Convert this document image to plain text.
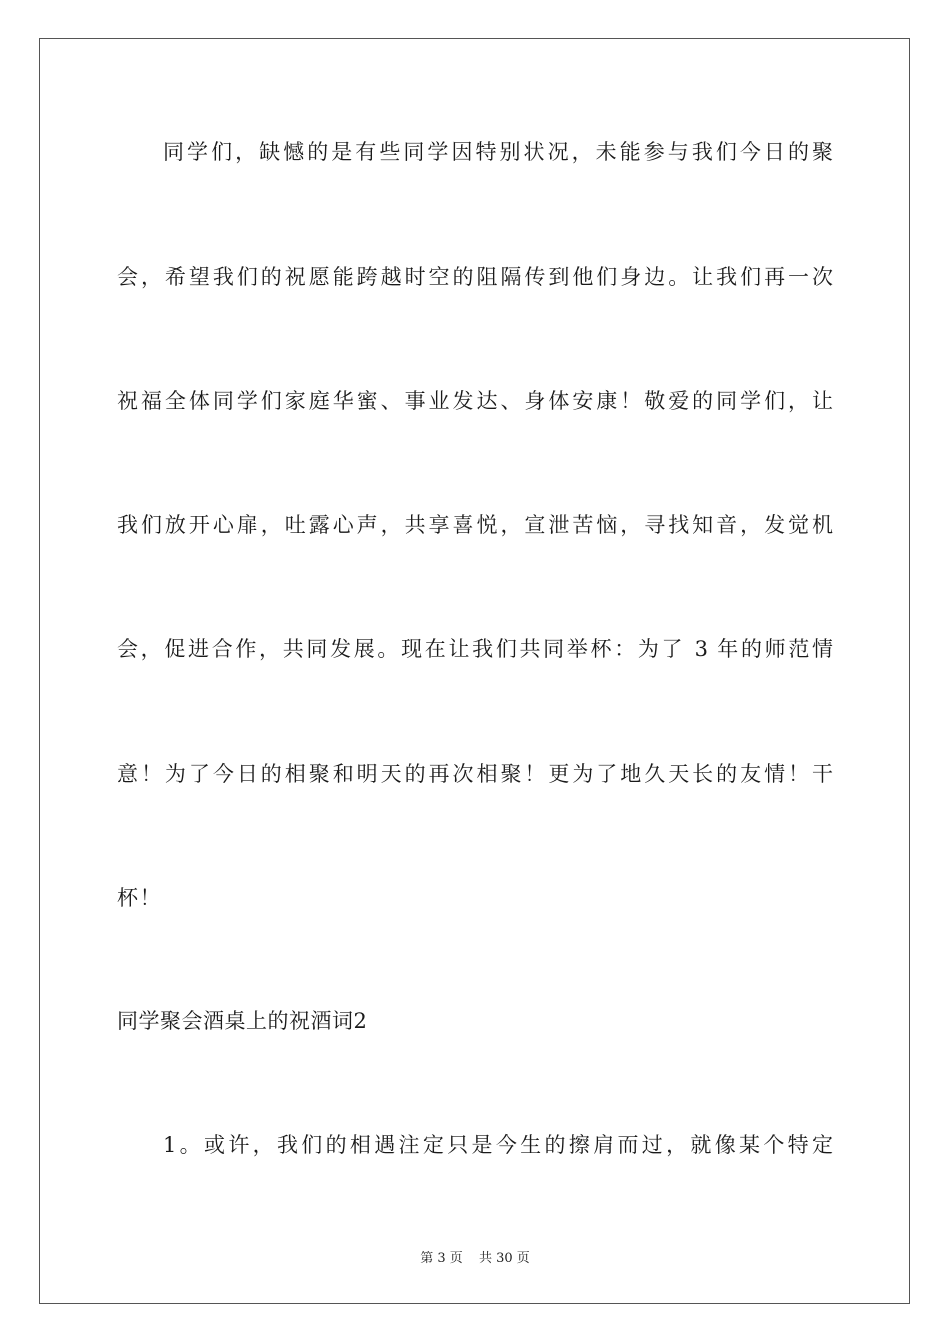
同学们，缺憾的是有些同学因特别状况，未能参与我们今日的聚
会，希望我们的祝愿能跨越时空的阻隔传到他们身边。让我们再一次
祝福全体同学们家庭华蜜、事业发达、身体安康！敬爱的同学们，让
我们放开心扉，吐露心声，共享喜悦，宣泄苦恼，寻找知音，发觉机
会，促进合作，共同发展。现在让我们共同举杯：为了 3 年的师范情
意！为了今日的相聚和明天的再次相聚！更为了地久天长的友情！干
杯！
同学聚会酒桌上的祝酒词2
1。或许，我们的相遇注定只是今生的擦肩而过，就像某个特定
第 3 页 共 30 页
